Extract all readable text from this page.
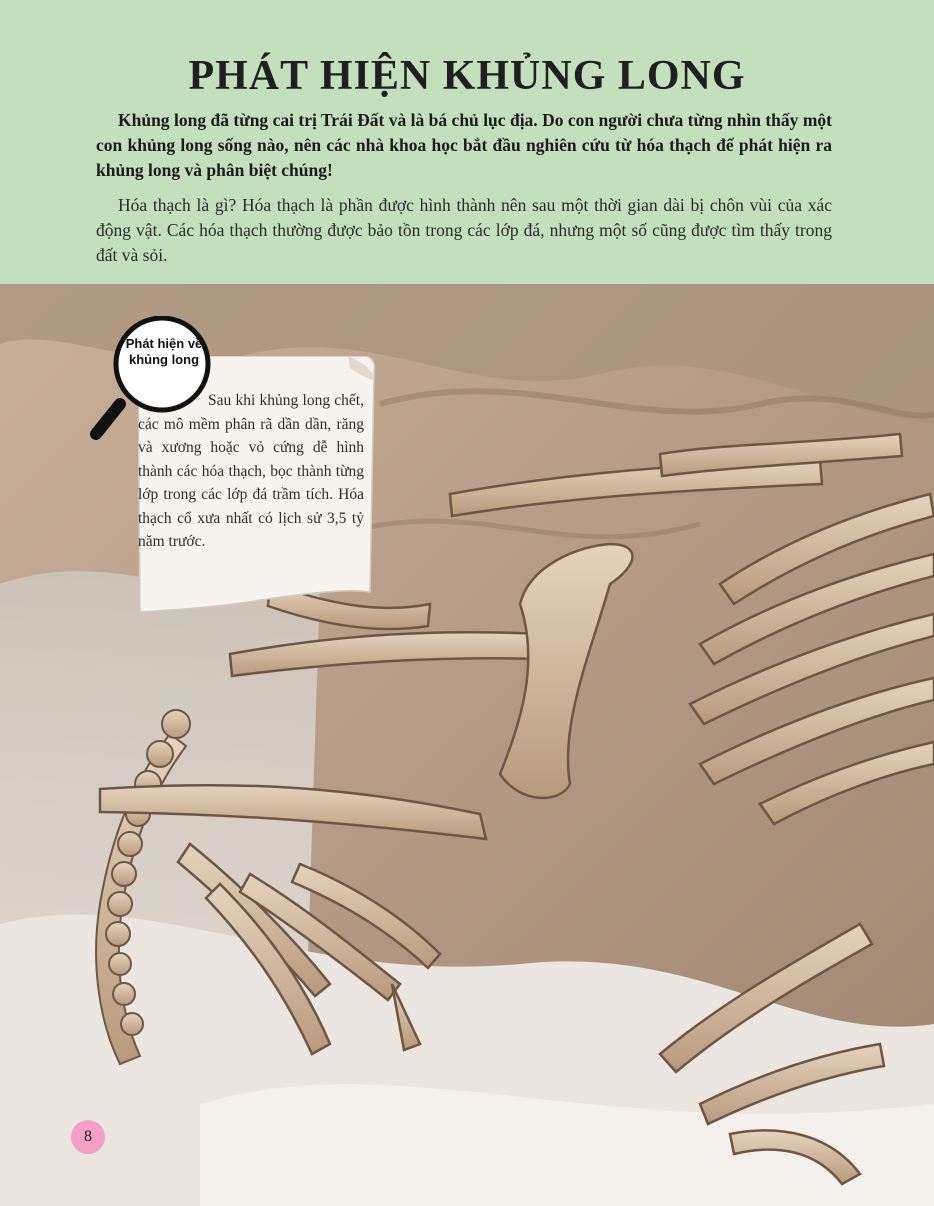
PHÁT HIỆN KHỦNG LONG

Khủng long đã từng cai trị Trái Đất và là bá chủ lục địa. Do con người chưa từng nhìn thấy một con khủng long sống nào, nên các nhà khoa học bắt đầu nghiên cứu từ hóa thạch để phát hiện ra khủng long và phân biệt chúng!

Hóa thạch là gì? Hóa thạch là phần được hình thành nên sau một thời gian dài bị chôn vùi của xác động vật. Các hóa thạch thường được bảo tồn trong các lớp đá, nhưng một số cũng được tìm thấy trong đất và sỏi.

Sau khi khủng long chết, các mô mềm phân rã dần dần, răng và xương hoặc vỏ cứng dễ hình thành các hóa thạch, bọc thành từng lớp trong các lớp đá trầm tích. Hóa thạch cổ xưa nhất có lịch sử 3,5 tỷ năm trước.

Phát hiện về khủng long

8
